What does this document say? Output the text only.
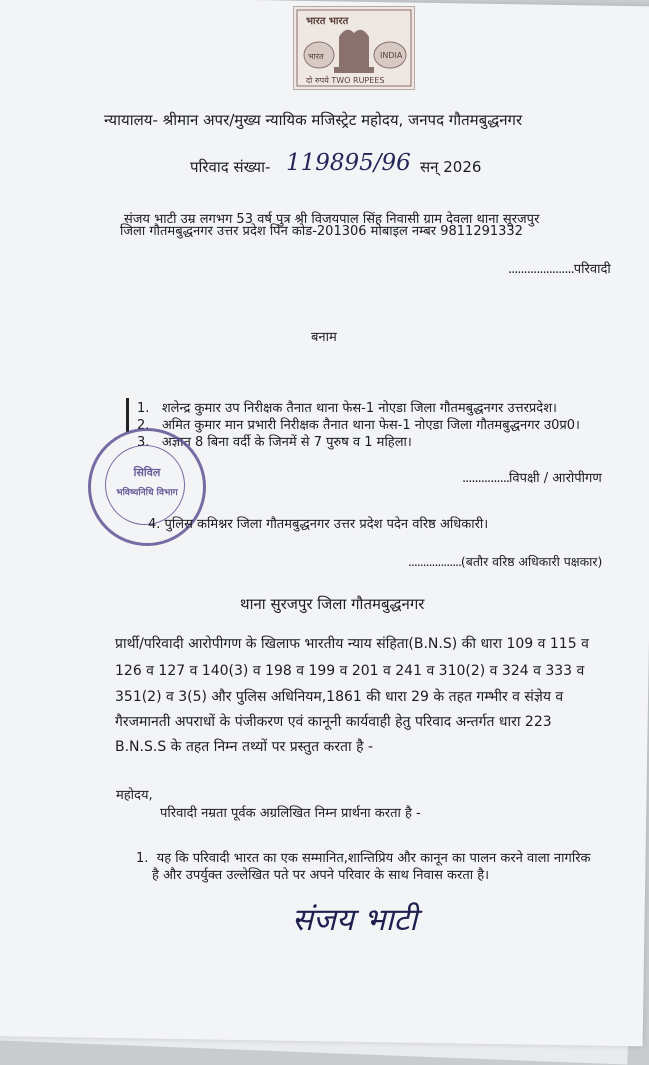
भारत भारत
भारत	INDIA
दो रुपये TWO RUPEES
न्यायालय- श्रीमान अपर/मुख्य न्यायिक मजिस्ट्रेट महोदय, जनपद गौतमबुद्धनगर
परिवाद संख्या- 119895/96 सन् 2026
संजय भाटी उम्र लगभग 53 वर्ष पुत्र श्री विजयपाल सिंह निवासी ग्राम देवला थाना सूरजपुर
जिला गौतमबुद्धनगर उत्तर प्रदेश पिन कोड-201306 मोबाइल नम्बर 9811291332
.....................परिवादी
बनाम
1. शलेन्द्र कुमार उप निरीक्षक तैनात थाना फेस-1 नोएडा जिला गौतमबुद्धनगर उत्तरप्रदेश।
2. अमित कुमार मान प्रभारी निरीक्षक तैनात थाना फेस-1 नोएडा जिला गौतमबुद्धनगर उ0प्र0।
3. अज्ञात 8 बिना वर्दी के जिनमें से 7 पुरुष व 1 महिला।
...............विपक्षी / आरोपीगण
सिविल
भविष्यनिधि विभाग
4. पुलिस कमिश्नर जिला गौतमबुद्धनगर उत्तर प्रदेश पदेन वरिष्ठ अधिकारी।
..................(बतौर वरिष्ठ अधिकारी पक्षकार)
थाना सुरजपुर जिला गौतमबुद्धनगर
प्रार्थी/परिवादी आरोपीगण के खिलाफ भारतीय न्याय संहिता(B.N.S) की धारा 109 व 115 व
126 व 127 व 140(3) व 198 व 199 व 201 व 241 व 310(2) व 324 व 333 व
351(2) व 3(5) और पुलिस अधिनियम,1861 की धारा 29 के तहत गम्भीर व संज्ञेय व
गैरजमानती अपराधों के पंजीकरण एवं कानूनी कार्यवाही हेतु परिवाद अन्तर्गत धारा 223
B.N.S.S के तहत निम्न तथ्यों पर प्रस्तुत करता है -
महोदय,
परिवादी नम्रता पूर्वक अग्रलिखित निम्न प्रार्थना करता है -
1. यह कि परिवादी भारत का एक सम्मानित,शान्तिप्रिय और कानून का पालन करने वाला नागरिक
है और उपर्युक्त उल्लेखित पते पर अपने परिवार के साथ निवास करता है।
संजय भाटी
